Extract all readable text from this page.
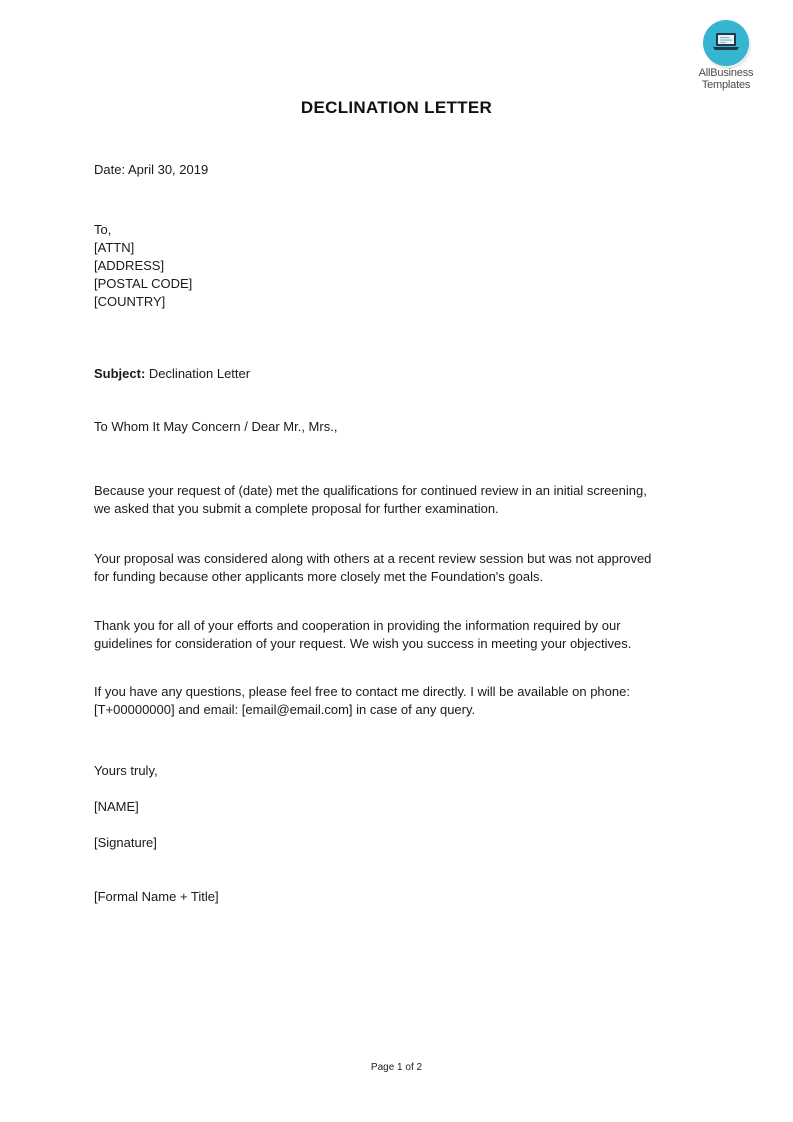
AllBusiness
Templates
DECLINATION LETTER
Date: April 30, 2019
To,
[ATTN]
[ADDRESS]
[POSTAL CODE]
[COUNTRY]
Subject: Declination Letter
To Whom It May Concern / Dear Mr., Mrs.,
Because your request of (date) met the qualifications for continued review in an initial screening,
we asked that you submit a complete proposal for further examination.
Your proposal was considered along with others at a recent review session but was not approved
for funding because other applicants more closely met the Foundation's goals.
Thank you for all of your efforts and cooperation in providing the information required by our
guidelines for consideration of your request. We wish you success in meeting your objectives.
If you have any questions, please feel free to contact me directly. I will be available on phone:
[T+00000000] and email: [email@email.com] in case of any query.
Yours truly,
[NAME]
[Signature]
[Formal Name + Title]
Page 1 of 2
